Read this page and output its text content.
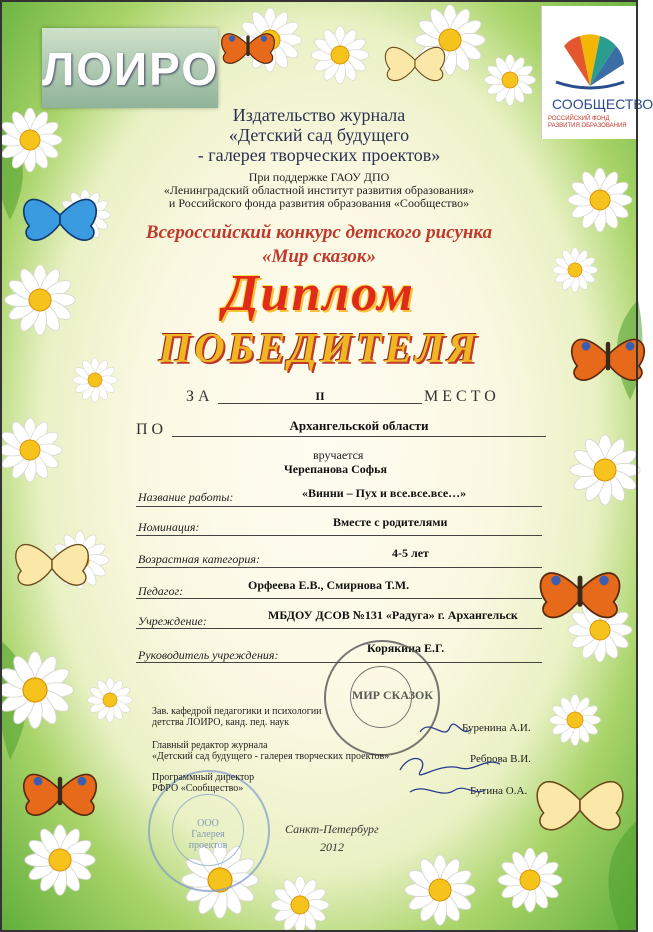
ЛОИРО
СООБЩЕСТВО
РОССИЙСКИЙ ФОНД РАЗВИТИЯ ОБРАЗОВАНИЯ
Издательство журнала
«Детский сад будущего
- галерея творческих проектов»
При поддержке ГАОУ ДПО
«Ленинградский областной институт развития образования»
и Российского фонда развития образования «Сообщество»
Всероссийский конкурс детского рисунка
«Мир сказок»
Диплом
ПОБЕДИТЕЛЯ
ЗА	II	МЕСТО
ПО	Архангельской области
вручается
Черепанова Софья
Название работы:	«Винни – Пух и все.все.все…»
Номинация:	Вместе с родителями
Возрастная категория:	4-5 лет
Педагог:	Орфеева Е.В., Смирнова Т.М.
Учреждение:	МБДОУ ДСОВ №131 «Радуга» г. Архангельск
Руководитель учреждения:	Корякина Е.Г.
МИР СКАЗОК
ООО Галерея проектов
Зав. кафедрой педагогики и психологии
детства ЛОИРО, канд. пед. наук	Буренина А.И.
Главный редактор журнала
«Детский сад будущего - галерея творческих проектов»	Реброва В.И.
Программный директор
РФРО «Сообщество»	Бутина О.А.
Санкт-Петербург
2012
